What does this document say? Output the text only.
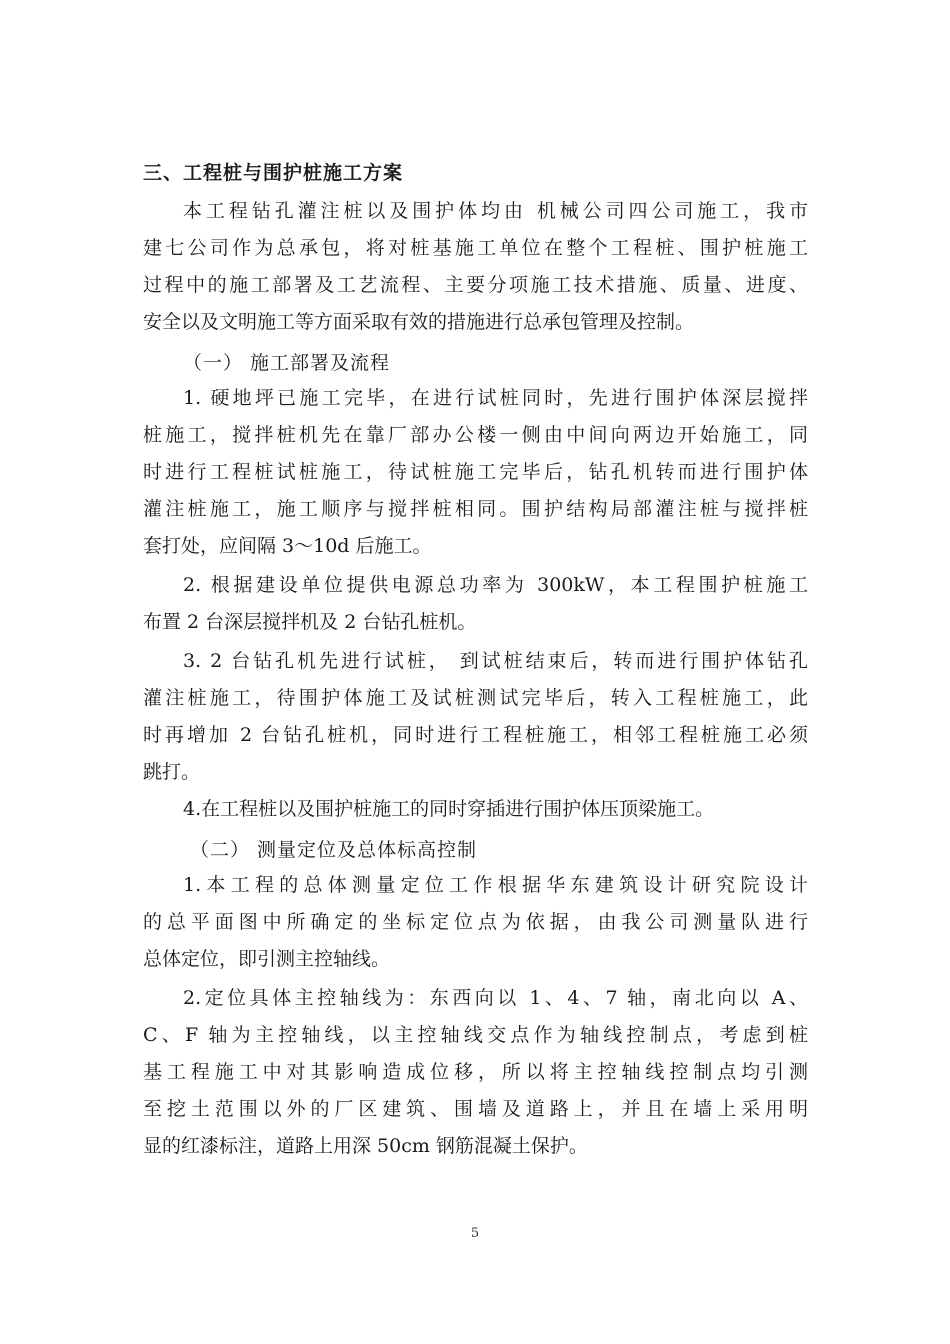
三、工程桩与围护桩施工方案
本工程钻孔灌注桩以及围护体均由 机械公司四公司施工，我市
建七公司作为总承包，将对桩基施工单位在整个工程桩、围护桩施工
过程中的施工部署及工艺流程、主要分项施工技术措施、质量、进度、
安全以及文明施工等方面采取有效的措施进行总承包管理及控制。
（一） 施工部署及流程
1. 硬地坪已施工完毕，在进行试桩同时，先进行围护体深层搅拌
桩施工，搅拌桩机先在靠厂部办公楼一侧由中间向两边开始施工，同
时进行工程桩试桩施工，待试桩施工完毕后，钻孔机转而进行围护体
灌注桩施工，施工顺序与搅拌桩相同。围护结构局部灌注桩与搅拌桩
套打处，应间隔 3～10d 后施工。
2. 根据建设单位提供电源总功率为 300kW，本工程围护桩施工
布置 2 台深层搅拌机及 2 台钻孔桩机。
3. 2 台钻孔机先进行试桩， 到试桩结束后，转而进行围护体钻孔
灌注桩施工，待围护体施工及试桩测试完毕后，转入工程桩施工，此
时再增加 2 台钻孔桩机，同时进行工程桩施工，相邻工程桩施工必须
跳打。
4.在工程桩以及围护桩施工的同时穿插进行围护体压顶梁施工。
（二） 测量定位及总体标高控制
1.本工程的总体测量定位工作根据华东建筑设计研究院设计
的总平面图中所确定的坐标定位点为依据，由我公司测量队进行
总体定位，即引测主控轴线。
2.定位具体主控轴线为：东西向以 1、4、7 轴，南北向以 A、
C、F 轴为主控轴线，以主控轴线交点作为轴线控制点，考虑到桩
基工程施工中对其影响造成位移，所以将主控轴线控制点均引测
至挖土范围以外的厂区建筑、围墙及道路上，并且在墙上采用明
显的红漆标注，道路上用深 50cm 钢筋混凝土保护。
5
